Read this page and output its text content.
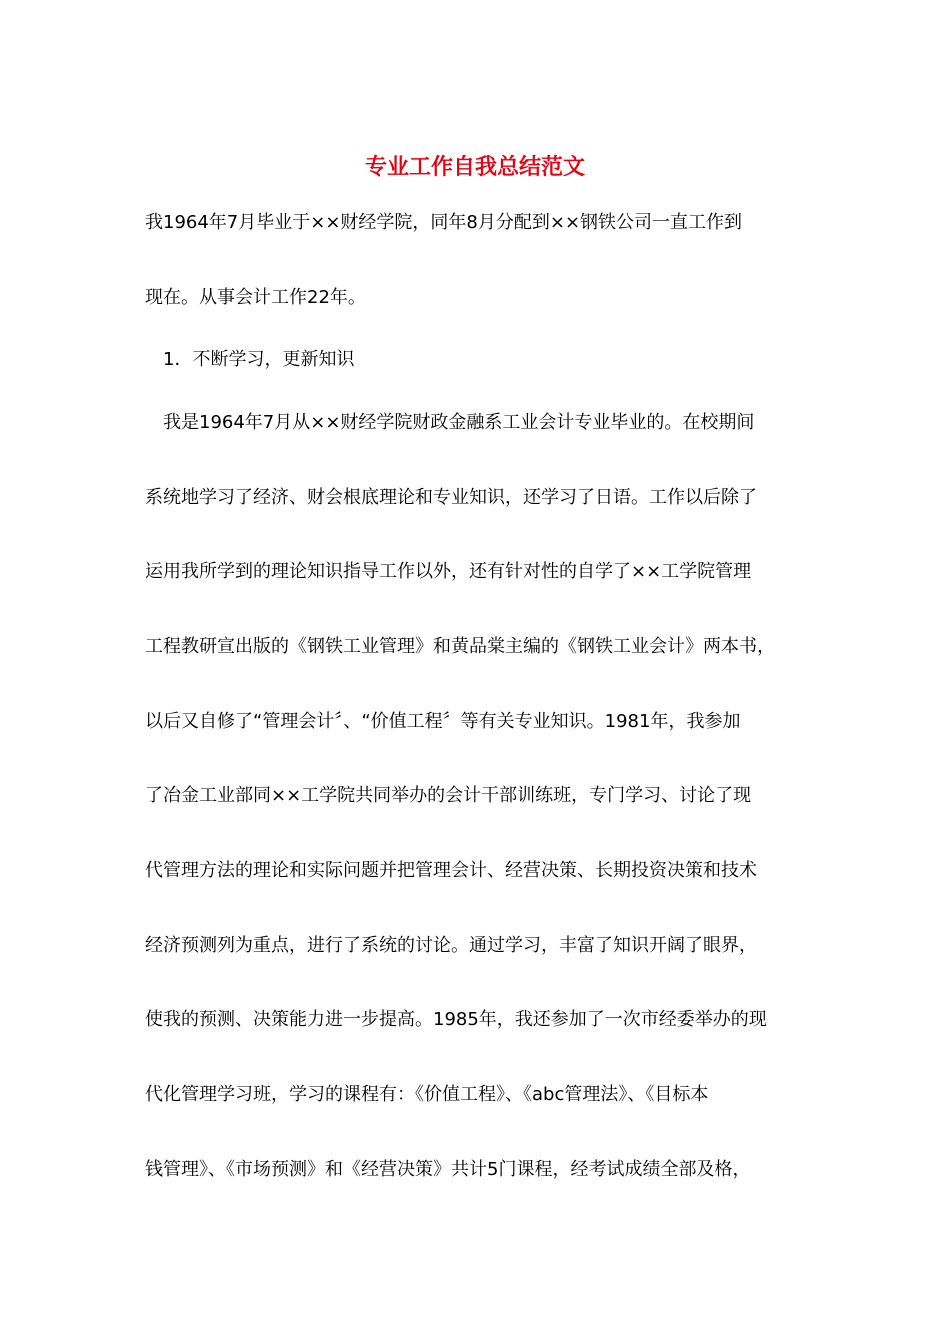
专业工作自我总结范文
我1964年7月毕业于××财经学院，同年8月分配到××钢铁公司一直工作到
现在。从事会计工作22年。
1．不断学习，更新知识
我是1964年7月从××财经学院财政金融系工业会计专业毕业的。在校期间
系统地学习了经济、财会根底理论和专业知识，还学习了日语。工作以后除了
运用我所学到的理论知识指导工作以外，还有针对性的自学了××工学院管理
工程教研宣出版的《钢铁工业管理》和黄品棠主编的《钢铁工业会计》两本书，
以后又自修了“管理会计〞、“价值工程〞等有关专业知识。1981年，我参加
了冶金工业部同××工学院共同举办的会计干部训练班，专门学习、讨论了现
代管理方法的理论和实际问题并把管理会计、经营决策、长期投资决策和技术
经济预测列为重点，进行了系统的讨论。通过学习，丰富了知识开阔了眼界，
使我的预测、决策能力进一步提高。1985年，我还参加了一次市经委举办的现
代化管理学习班，学习的课程有：《价值工程》、《abc管理法》、《目标本
钱管理》、《市场预测》和《经营决策》共计5门课程，经考试成绩全部及格，
